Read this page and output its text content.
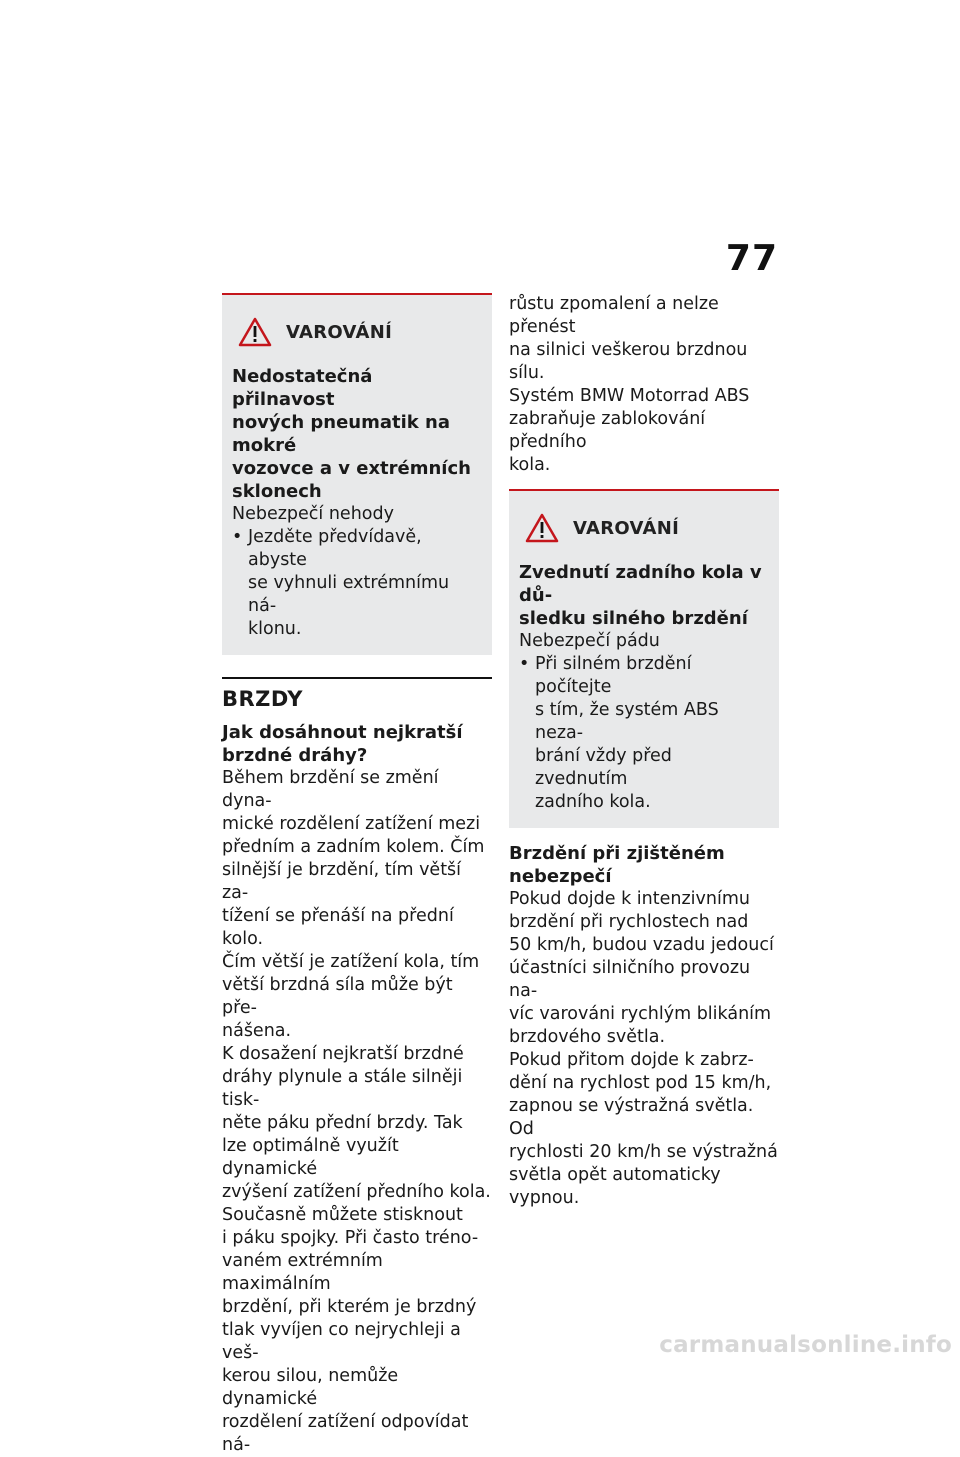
77
VAROVÁNÍ
Nedostatečná přilnavost
nových pneumatik na mokré
vozovce a v extrémních
sklonech
Nebezpečí nehody
• Jezděte předvídavě, abyste
se vyhnuli extrémnímu ná-
klonu.
BRZDY
Jak dosáhnout nejkratší
brzdné dráhy?
Během brzdění se změní dyna-
mické rozdělení zatížení mezi
předním a zadním kolem. Čím
silnější je brzdění, tím větší za-
tížení se přenáší na přední kolo.
Čím větší je zatížení kola, tím
větší brzdná síla může být pře-
nášena.
K dosažení nejkratší brzdné
dráhy plynule a stále silněji tisk-
něte páku přední brzdy. Tak
lze optimálně využít dynamické
zvýšení zatížení předního kola.
Současně můžete stisknout
i páku spojky. Při často tréno-
vaném extrémním maximálním
brzdění, při kterém je brzdný
tlak vyvíjen co nejrychleji a veš-
kerou silou, nemůže dynamické
rozdělení zatížení odpovídat ná-
růstu zpomalení a nelze přenést
na silnici veškerou brzdnou sílu.
Systém BMW Motorrad ABS
zabraňuje zablokování předního
kola.
VAROVÁNÍ
Zvednutí zadního kola v dů-
sledku silného brzdění
Nebezpečí pádu
• Při silném brzdění počítejte
s tím, že systém ABS neza-
brání vždy před zvednutím
zadního kola.
Brzdění při zjištěném
nebezpečí
Pokud dojde k intenzivnímu
brzdění při rychlostech nad
50 km/h, budou vzadu jedoucí
účastníci silničního provozu na-
víc varováni rychlým blikáním
brzdového světla.
Pokud přitom dojde k zabrz-
dění na rychlost pod 15 km/h,
zapnou se výstražná světla. Od
rychlosti 20 km/h se výstražná
světla opět automaticky vypnou.
carmanualsonline.info
